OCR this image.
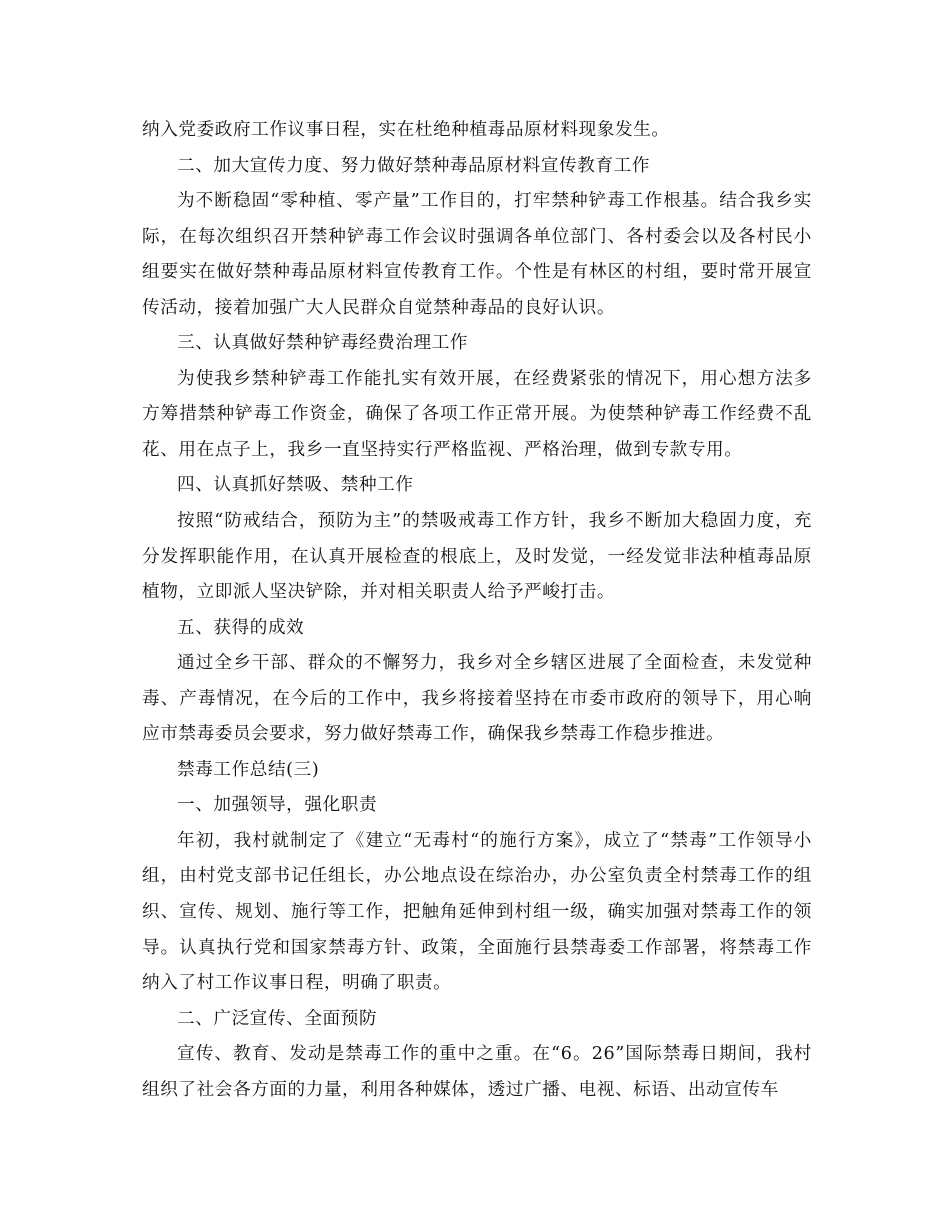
纳入党委政府工作议事日程，实在杜绝种植毒品原材料现象发生。

二、加大宣传力度、努力做好禁种毒品原材料宣传教育工作

为不断稳固“零种植、零产量”工作目的，打牢禁种铲毒工作根基。结合我乡实际，在每次组织召开禁种铲毒工作会议时强调各单位部门、各村委会以及各村民小组要实在做好禁种毒品原材料宣传教育工作。个性是有林区的村组，要时常开展宣传活动，接着加强广大人民群众自觉禁种毒品的良好认识。

三、认真做好禁种铲毒经费治理工作

为使我乡禁种铲毒工作能扎实有效开展，在经费紧张的情况下，用心想方法多方筹措禁种铲毒工作资金，确保了各项工作正常开展。为使禁种铲毒工作经费不乱花、用在点子上，我乡一直坚持实行严格监视、严格治理，做到专款专用。

四、认真抓好禁吸、禁种工作

按照“防戒结合，预防为主”的禁吸戒毒工作方针，我乡不断加大稳固力度，充分发挥职能作用，在认真开展检查的根底上，及时发觉，一经发觉非法种植毒品原植物，立即派人坚决铲除，并对相关职责人给予严峻打击。

五、获得的成效

通过全乡干部、群众的不懈努力，我乡对全乡辖区进展了全面检查，未发觉种毒、产毒情况，在今后的工作中，我乡将接着坚持在市委市政府的领导下，用心响应市禁毒委员会要求，努力做好禁毒工作，确保我乡禁毒工作稳步推进。

禁毒工作总结(三)

一、加强领导，强化职责

年初，我村就制定了《建立“无毒村“的施行方案》，成立了“禁毒”工作领导小组，由村党支部书记任组长，办公地点设在综治办，办公室负责全村禁毒工作的组织、宣传、规划、施行等工作，把触角延伸到村组一级，确实加强对禁毒工作的领导。认真执行党和国家禁毒方针、政策，全面施行县禁毒委工作部署，将禁毒工作纳入了村工作议事日程，明确了职责。

二、广泛宣传、全面预防

宣传、教育、发动是禁毒工作的重中之重。在“6。26”国际禁毒日期间，我村组织了社会各方面的力量，利用各种媒体，透过广播、电视、标语、出动宣传车
